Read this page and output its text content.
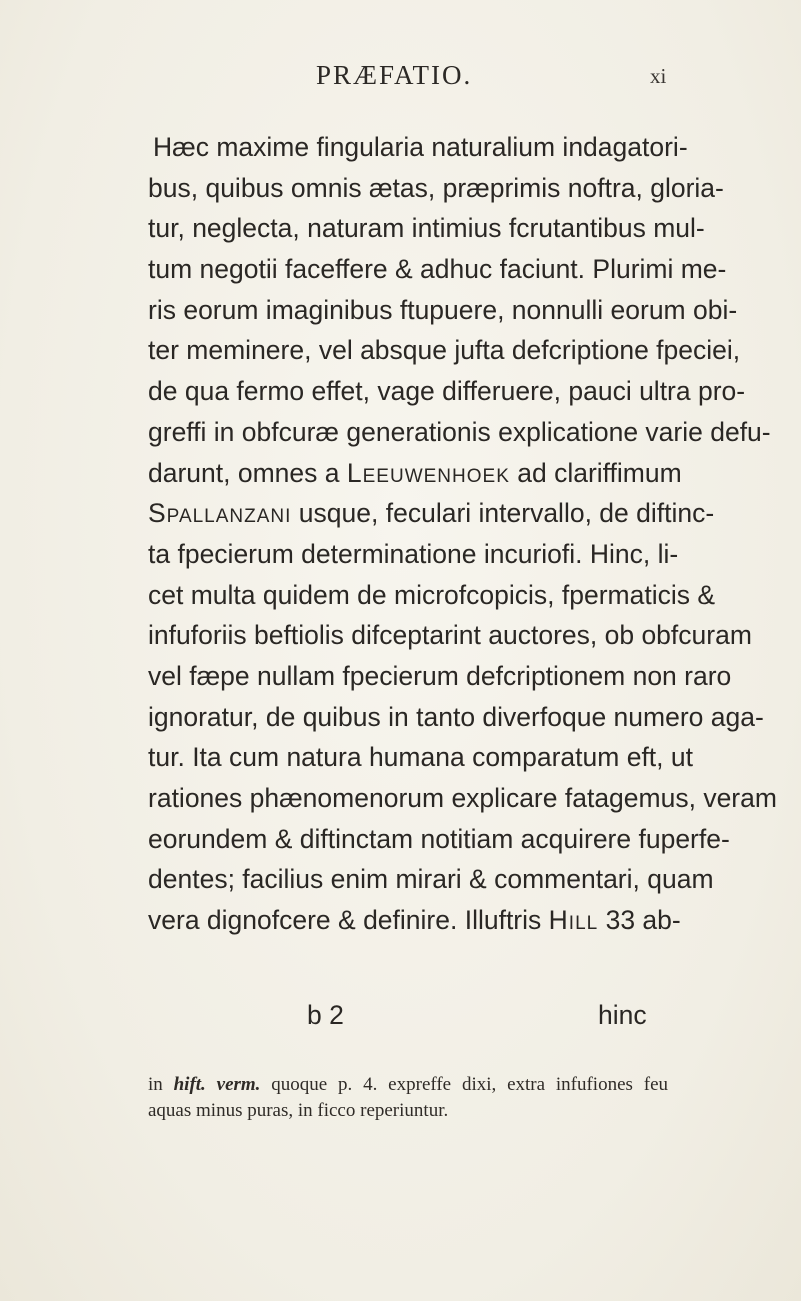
PRÆFATIO.	xi
Hæc maxime fingularia naturalium indagatori-
bus, quibus omnis ætas, præprimis noftra, gloria-
tur, neglecta, naturam intimius fcrutantibus mul-
tum negotii faceffere & adhuc faciunt. Plurimi me-
ris eorum imaginibus ftupuere, nonnulli eorum obi-
ter meminere, vel absque jufta defcriptione fpeciei,
de qua fermo effet, vage differuere, pauci ultra pro-
greffi in obfcuræ generationis explicatione varie defu-
darunt, omnes a Leeuwenhoek ad clariffimum
Spallanzani usque, feculari intervallo, de diftinc-
ta fpecierum determinatione incuriofi. Hinc, li-
cet multa quidem de microfcopicis, fpermaticis &
infuforiis beftiolis difceptarint auctores, ob obfcuram
vel fæpe nullam fpecierum defcriptionem non raro
ignoratur, de quibus in tanto diverfoque numero aga-
tur. Ita cum natura humana comparatum eft, ut
rationes phænomenorum explicare fatagemus, veram
eorundem & diftinctam notitiam acquirere fuperfe-
dentes; facilius enim mirari & commentari, quam
vera dignofcere & definire. Illuftris Hill 33 ab-
b 2	hinc
in hift. verm. quoque p. 4. expreffe dixi, extra infufiones feu
aquas minus puras, in ficco reperiuntur.
